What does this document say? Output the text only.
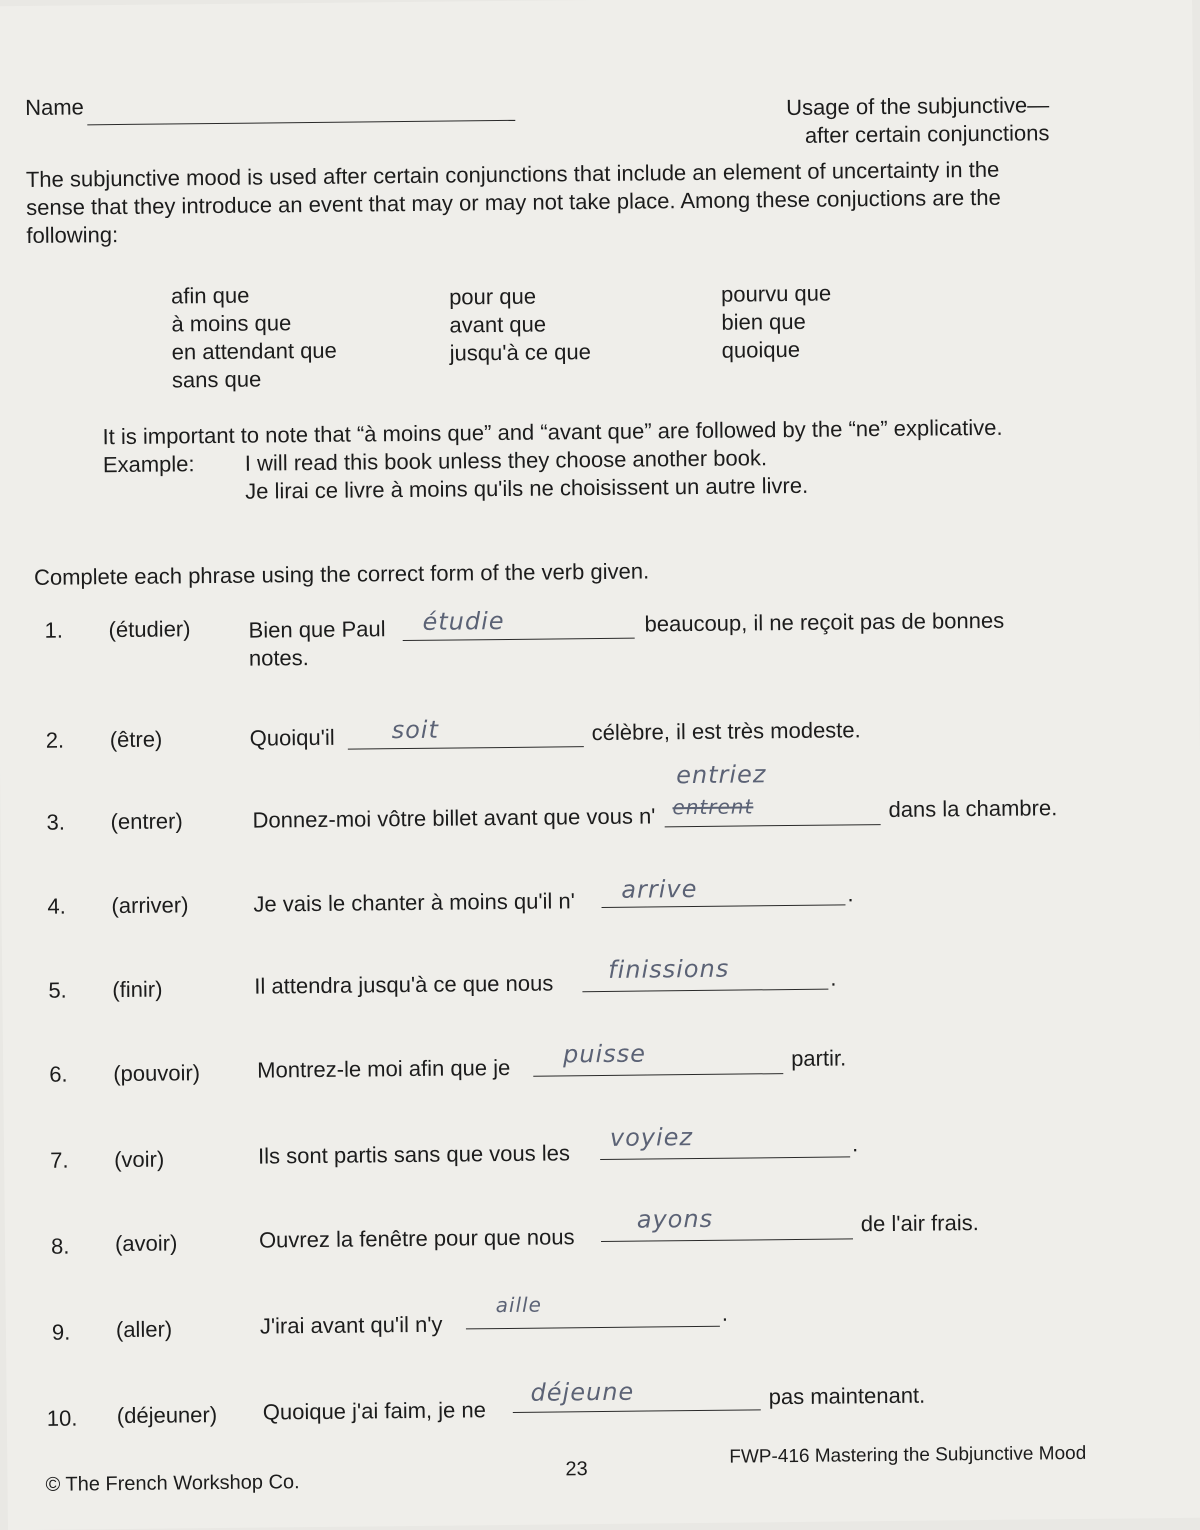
Name	Usage of the subjunctive—
after certain conjunctions
The subjunctive mood is used after certain conjunctions that include an element of uncertainty in the
sense that they introduce an event that may or may not take place. Among these conjuctions are the
following:
afin que
à moins que
en attendant que
sans que
pour que
avant que
jusqu'à ce que
pourvu que
bien que
quoique
It is important to note that “à moins que” and “avant que” are followed by the “ne” explicative.
Example: I will read this book unless they choose another book.
Je lirai ce livre à moins qu'ils ne choisissent un autre livre.
Complete each phrase using the correct form of the verb given.
1. (étudier)	Bien que Paul étudie	beaucoup, il ne reçoit pas de bonnes
notes.
2. (être)	Quoiqu'il soit	célèbre, il est très modeste.
3. (entrer)	Donnez-moi vôtre billet avant que vous n'
entriez
entrent	dans la chambre.
4. (arriver)	Je vais le chanter à moins qu'il n' arrive	.
5. (finir)	Il attendra jusqu'à ce que nous
finissions	.
6. (pouvoir)	Montrez-le moi afin que je
puisse	partir.
7. (voir)	Ils sont partis sans que vous les
voyiez	.
8. (avoir)	Ouvrez la fenêtre pour que nous
ayons	de l'air frais.
9. (aller)	J'irai avant qu'il n'y
aille	.
10. (déjeuner) Quoique j'ai faim, je ne
déjeune	pas maintenant.
© The French Workshop Co.
23
FWP-416 Mastering the Subjunctive Mood
